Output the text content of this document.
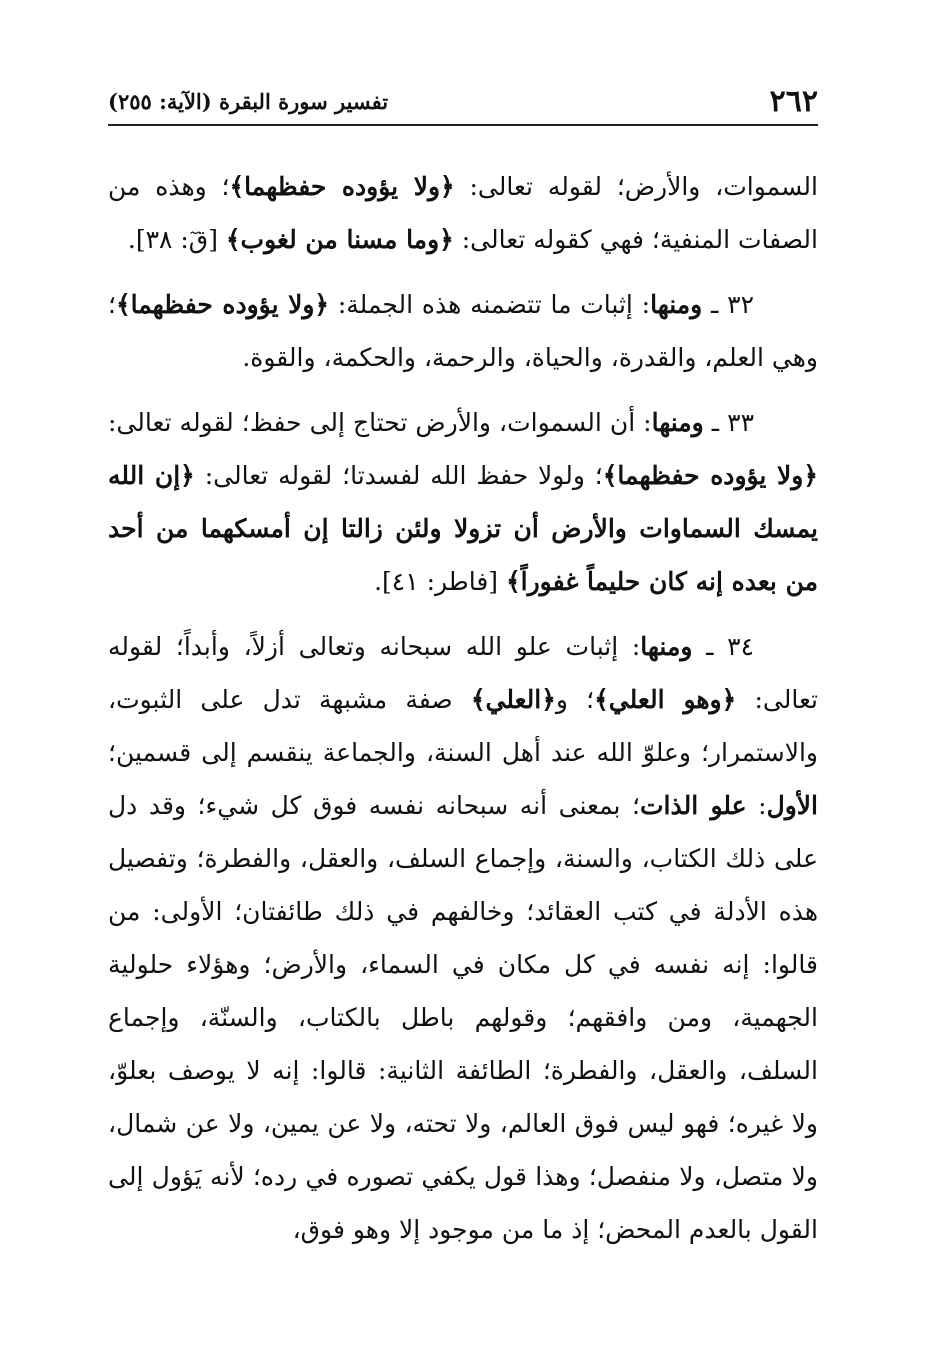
٢٦٢
تفسير سورة البقرة (الآية: ٢٥٥)

السموات، والأرض؛ لقوله تعالى: ﴿ولا يؤوده حفظهما﴾؛ وهذه من الصفات المنفية؛ فهي كقوله تعالى: ﴿وما مسنا من لغوب﴾ [قٓ: ٣٨].

٣٢ ـ ومنها: إثبات ما تتضمنه هذه الجملة: ﴿ولا يؤوده حفظهما﴾؛ وهي العلم، والقدرة، والحياة، والرحمة، والحكمة، والقوة.

٣٣ ـ ومنها: أن السموات، والأرض تحتاج إلى حفظ؛ لقوله تعالى: ﴿ولا يؤوده حفظهما﴾؛ ولولا حفظ الله لفسدتا؛ لقوله تعالى: ﴿إن الله يمسك السماوات والأرض أن تزولا ولئن زالتا إن أمسكهما من أحد من بعده إنه كان حليماً غفوراً﴾ [فاطر: ٤١].

٣٤ ـ ومنها: إثبات علو الله سبحانه وتعالى أزلاً، وأبداً؛ لقوله تعالى: ﴿وهو العلي﴾؛ و﴿العلي﴾ صفة مشبهة تدل على الثبوت، والاستمرار؛ وعلوّ الله عند أهل السنة، والجماعة ينقسم إلى قسمين؛ الأول: علو الذات؛ بمعنى أنه سبحانه نفسه فوق كل شيء؛ وقد دل على ذلك الكتاب، والسنة، وإجماع السلف، والعقل، والفطرة؛ وتفصيل هذه الأدلة في كتب العقائد؛ وخالفهم في ذلك طائفتان؛ الأولى: من قالوا: إنه نفسه في كل مكان في السماء، والأرض؛ وهؤلاء حلولية الجهمية، ومن وافقهم؛ وقولهم باطل بالكتاب، والسنّة، وإجماع السلف، والعقل، والفطرة؛ الطائفة الثانية: قالوا: إنه لا يوصف بعلوّ، ولا غيره؛ فهو ليس فوق العالم، ولا تحته، ولا عن يمين، ولا عن شمال، ولا متصل، ولا منفصل؛ وهذا قول يكفي تصوره في رده؛ لأنه يَؤول إلى القول بالعدم المحض؛ إذ ما من موجود إلا وهو فوق،
